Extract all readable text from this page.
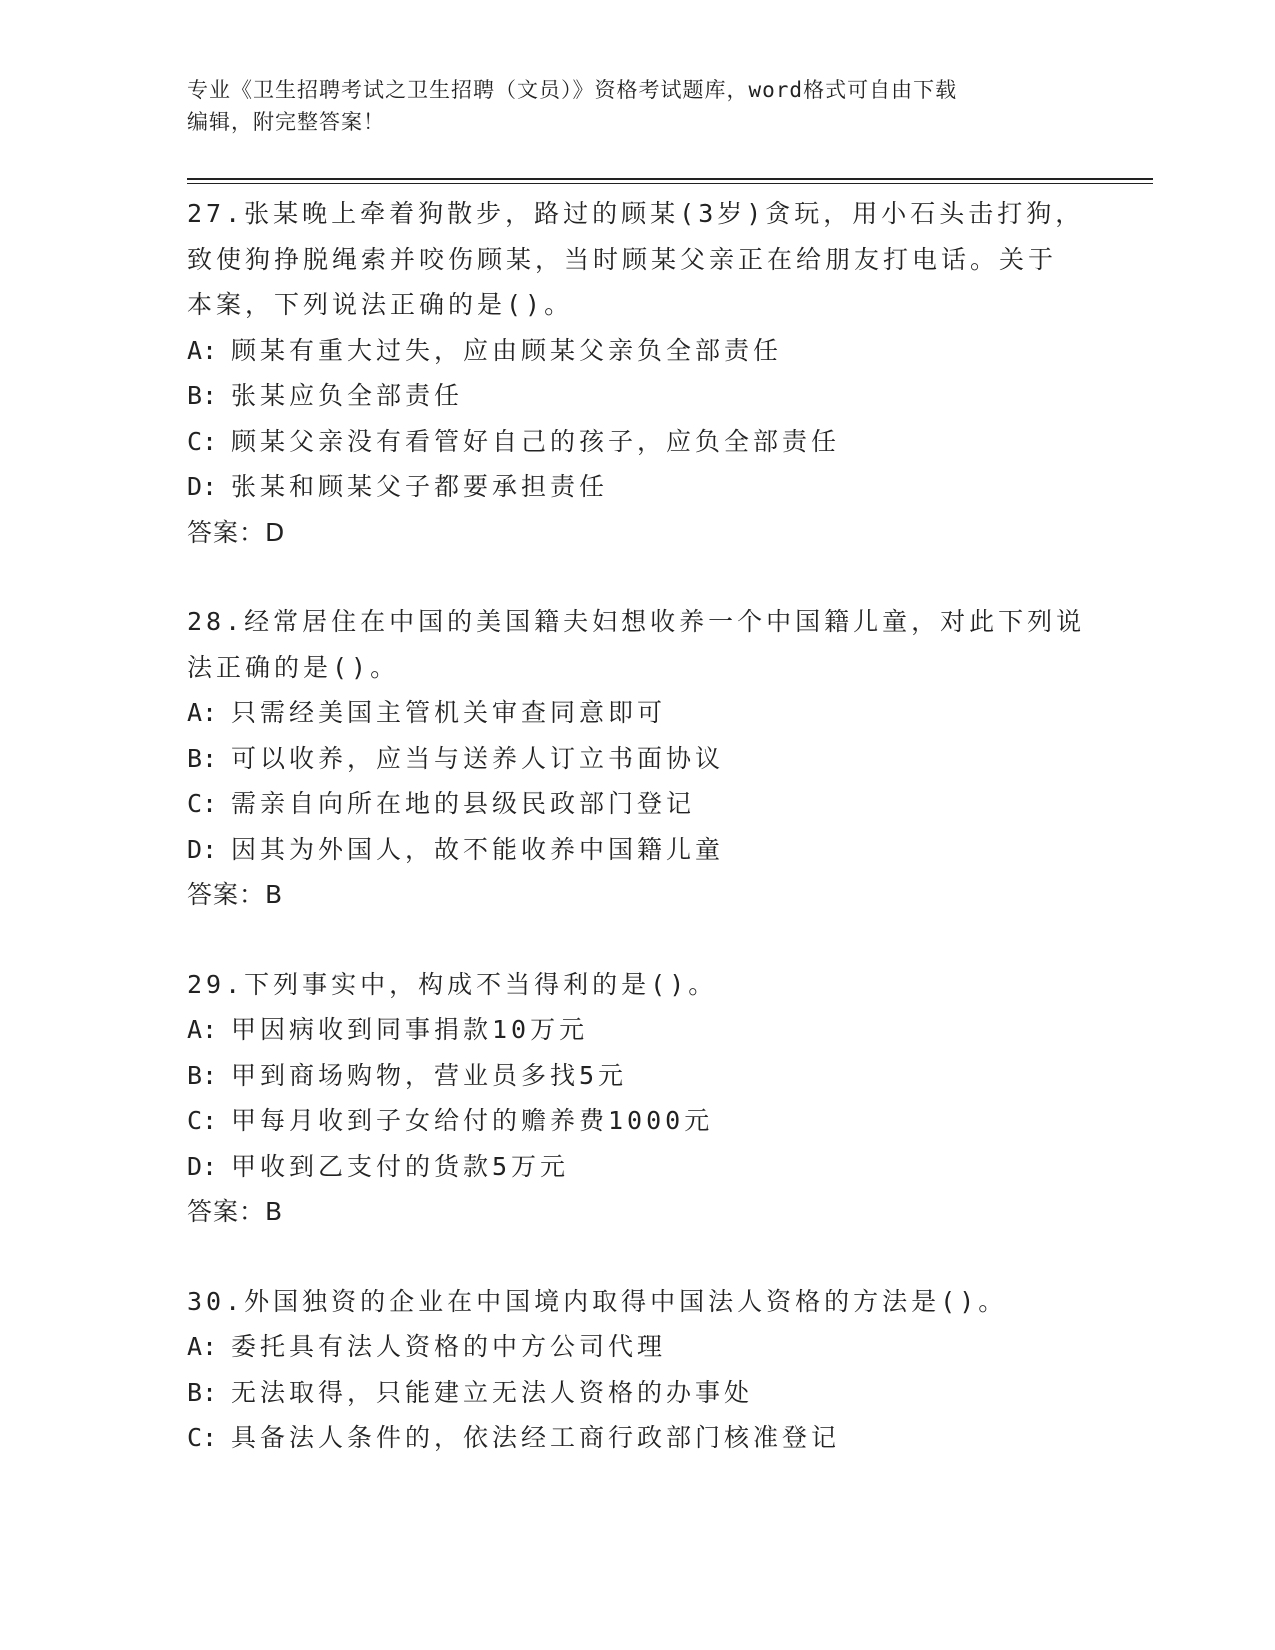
专业《卫生招聘考试之卫生招聘（文员）》资格考试题库，word格式可自由下载
编辑，附完整答案！
27.张某晚上牵着狗散步，路过的顾某(3岁)贪玩，用小石头击打狗，
致使狗挣脱绳索并咬伤顾某，当时顾某父亲正在给朋友打电话。关于
本案，下列说法正确的是()。
A: 顾某有重大过失，应由顾某父亲负全部责任
B: 张某应负全部责任
C: 顾某父亲没有看管好自己的孩子，应负全部责任
D: 张某和顾某父子都要承担责任
答案：D
28.经常居住在中国的美国籍夫妇想收养一个中国籍儿童，对此下列说
法正确的是()。
A: 只需经美国主管机关审查同意即可
B: 可以收养，应当与送养人订立书面协议
C: 需亲自向所在地的县级民政部门登记
D: 因其为外国人，故不能收养中国籍儿童
答案：B
29.下列事实中，构成不当得利的是()。
A: 甲因病收到同事捐款10万元
B: 甲到商场购物，营业员多找5元
C: 甲每月收到子女给付的赡养费1000元
D: 甲收到乙支付的货款5万元
答案：B
30.外国独资的企业在中国境内取得中国法人资格的方法是()。
A: 委托具有法人资格的中方公司代理
B: 无法取得，只能建立无法人资格的办事处
C: 具备法人条件的，依法经工商行政部门核准登记
